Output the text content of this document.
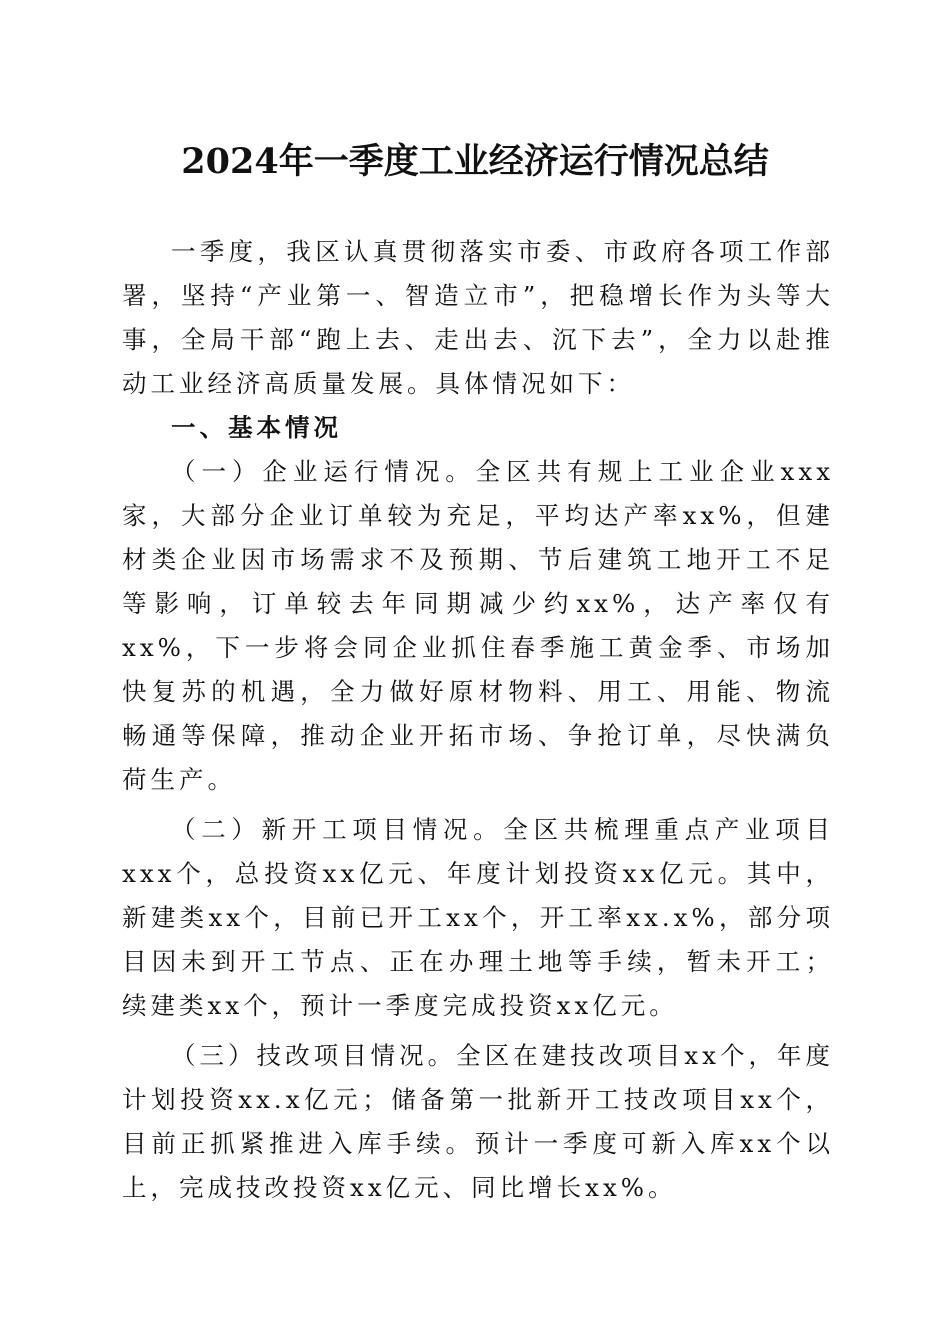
2024年一季度工业经济运行情况总结

一季度，我区认真贯彻落实市委、市政府各项工作部署，坚持“产业第一、智造立市”，把稳增长作为头等大事，全局干部“跑上去、走出去、沉下去”，全力以赴推动工业经济高质量发展。具体情况如下：

一、基本情况

（一）企业运行情况。全区共有规上工业企业xxx家，大部分企业订单较为充足，平均达产率xx%，但建材类企业因市场需求不及预期、节后建筑工地开工不足等影响，订单较去年同期减少约xx%，达产率仅有xx%，下一步将会同企业抓住春季施工黄金季、市场加快复苏的机遇，全力做好原材物料、用工、用能、物流畅通等保障，推动企业开拓市场、争抢订单，尽快满负荷生产。

（二）新开工项目情况。全区共梳理重点产业项目xxx个，总投资xx亿元、年度计划投资xx亿元。其中，新建类xx个，目前已开工xx个，开工率xx.x%，部分项目因未到开工节点、正在办理土地等手续，暂未开工；续建类xx个，预计一季度完成投资xx亿元。

（三）技改项目情况。全区在建技改项目xx个，年度计划投资xx.x亿元；储备第一批新开工技改项目xx个，目前正抓紧推进入库手续。预计一季度可新入库xx个以上，完成技改投资xx亿元、同比增长xx%。
